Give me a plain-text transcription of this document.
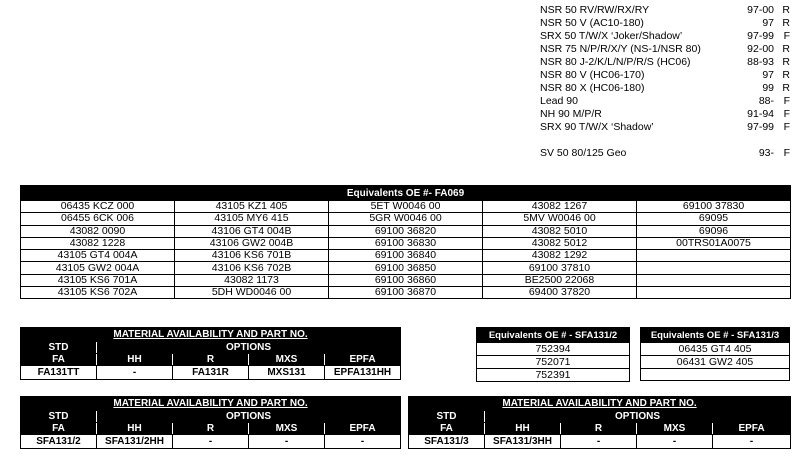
NSR 50 RV/RW/RX/RY	97-00 R
NSR 50 V (AC10-180)	97 R
SRX 50 T/W/X ‘Joker/Shadow’	97-99 F
NSR 75 N/P/R/X/Y (NS-1/NSR 80)	92-00 R
NSR 80 J-2/K/L/N/P/R/S (HC06)	88-93 R
NSR 80 V (HC06-170)	97 R
NSR 80 X (HC06-180)	99 R
Lead 90	88- F
NH 90 M/P/R	91-94 F
SRX 90 T/W/X ‘Shadow’	97-99 F
SV 50 80/125 Geo	93- F
Equivalents OE #- FA069				
06435 KCZ 000	43105 KZ1 405	5ET W0046 00	43082 1267	69100 37830
06455 6CK 006	43105 MY6 415	5GR W0046 00	5MV W0046 00	69095
43082 0090	43106 GT4 004B	69100 36820	43082 5010	69096
43082 1228	43106 GW2 004B	69100 36830	43082 5012	00TRS01A0075
43105 GT4 004A	43106 KS6 701B	69100 36840	43082 1292	
43105 GW2 004A	43106 KS6 702B	69100 36850	69100 37810	
43105 KS6 701A	43082 1173	69100 36860	BE2500 22068	
43105 KS6 702A	5DH WD0046 00	69100 36870	69400 37820	
MATERIAL AVAILABILITY AND PART NO.				
STD	OPTIONS			
FA	HH	R	MXS	EPFA
FA131TT	-	FA131R	MXS131	EPFA131HH
Equivalents OE # - SFA131/2
752394
752071
752391
Equivalents OE # - SFA131/3
06435 GT4 405
06431 GW2 405

MATERIAL AVAILABILITY AND PART NO.				
STD	OPTIONS			
FA	HH	R	MXS	EPFA
SFA131/2	SFA131/2HH	-	-	-
MATERIAL AVAILABILITY AND PART NO.				
STD	OPTIONS			
FA	HH	R	MXS	EPFA
SFA131/3	SFA131/3HH	-	-	-
